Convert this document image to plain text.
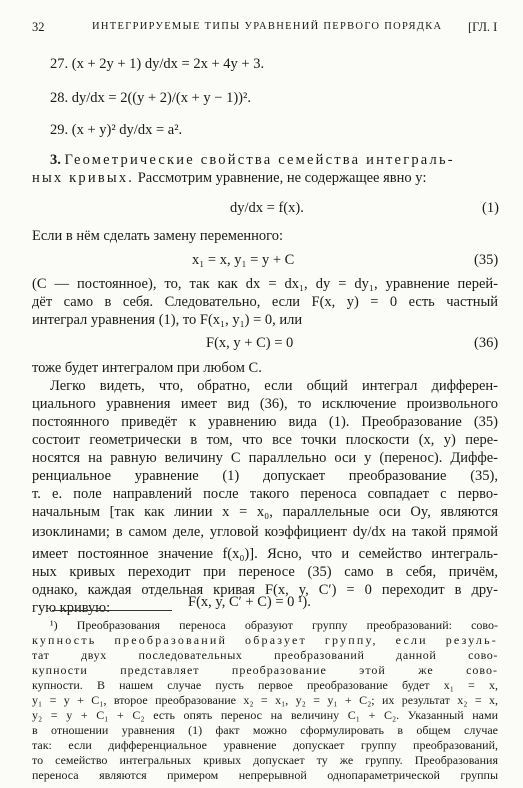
32	ИНТЕГРИРУЕМЫЕ ТИПЫ УРАВНЕНИЙ ПЕРВОГО ПОРЯДКА [ГЛ. I
27. (x + 2y + 1) dy/dx = 2x + 4y + 3.
28. dy/dx = 2((y + 2)/(x + y − 1))².
29. (x + y)² dy/dx = a².
3. Геометрические свойства семейства интеграль-
ных кривых. Рассмотрим уравнение, не содержащее явно y:
dy/dx = f(x).	(1)
Если в нём сделать замену переменного:
x₁ = x, y₁ = y + C	(35)
(C — постоянное), то, так как dx = dx₁, dy = dy₁, уравнение перей-
дёт само в себя. Следовательно, если F(x, y) = 0 есть частный
интеграл уравнения (1), то F(x₁, y₁) = 0, или
F(x, y + C) = 0	(36)
тоже будет интегралом при любом C.
Легко видеть, что, обратно, если общий интеграл дифферен-
циального уравнения имеет вид (36), то исключение произвольного
постоянного приведёт к уравнению вида (1). Преобразование (35)
состоит геометрически в том, что все точки плоскости (x, y) пере-
носятся на равную величину C параллельно оси y (перенос). Диффе-
ренциальное уравнение (1) допускает преобразование (35),
т. е. поле направлений после такого переноса совпадает с перво-
начальным [так как линии x = x₀, параллельные оси Oy, являются
изоклинами; в самом деле, угловой коэффициент dy/dx на такой прямой
имеет постоянное значение f(x₀)]. Ясно, что и семейство интеграль-
ных кривых переходит при переносе (35) само в себя, причём,
однако, каждая отдельная кривая F(x, y, C′) = 0 переходит в дру-
гую кривую:	F(x, y, C′ + C) = 0 ¹).
¹) Преобразования переноса образуют группу преобразований: сово-
купность преобразований образует группу, если резуль-
тат двух последовательных преобразований данной сово-
купности представляет преобразование этой же сово-
купности. В нашем случае пусть первое преобразование будет x₁ = x,
y₁ = y + C₁, второе преобразование x₂ = x₁, y₂ = y₁ + C₂; их результат x₂ = x,
y₂ = y + C₁ + C₂ есть опять перенос на величину C₁ + C₂. Указанный нами
в отношении уравнения (1) факт можно сформулировать в общем случае
так: если дифференциальное уравнение допускает группу преобразований,
то семейство интегральных кривых допускает ту же группу. Преобразования
переноса являются примером непрерывной однопараметрической группы
